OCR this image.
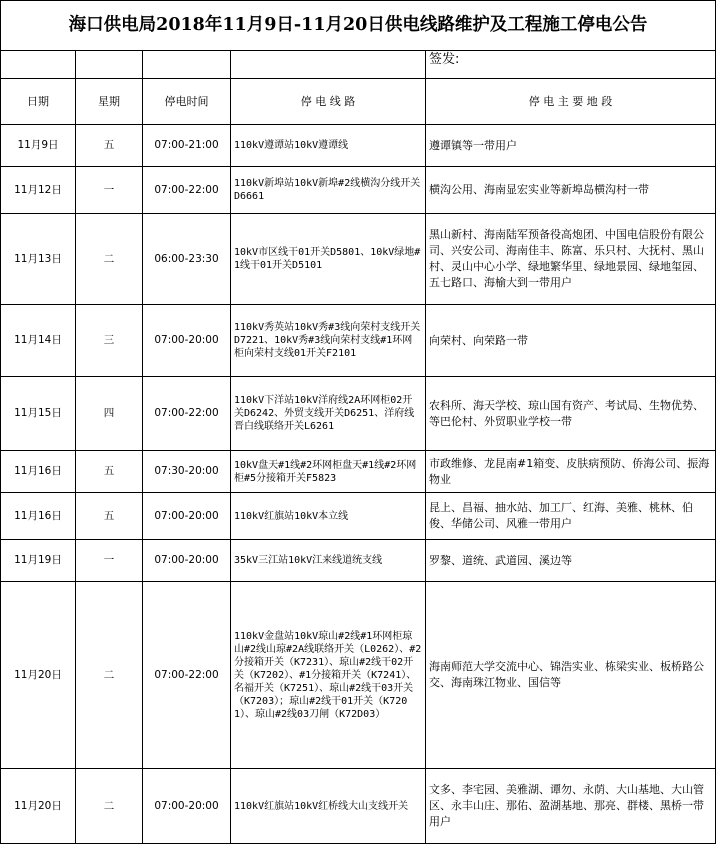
海口供电局2018年11月9日-11月20日供电线路维护及工程施工停电公告				
				签发:
日期	星期	停电时间	停 电 线 路	停 电 主 要 地 段
11月9日	五	07:00-21:00	110kV遵谭站10kV遵谭线	遵谭镇等一带用户
11月12日	一	07:00-22:00	110kV新埠站10kV新埠#2线横沟分线开关D6661	横沟公用、海南显宏实业等新埠岛横沟村一带
11月13日	二	06:00-23:30	10kV市区线干01开关D5801、10kV绿地#1线干01开关D5101	黑山新村、海南陆军预备役高炮团、中国电信股份有限公司、兴安公司、海南佳丰、陈富、乐只村、大抚村、黑山村、灵山中心小学、绿地繁华里、绿地景园、绿地玺园、五七路口、海榆大到一带用户
11月14日	三	07:00-20:00	110kV秀英站10kV秀#3线向荣村支线开关D7221、10kV秀#3线向荣村支线#1环网柜向荣村支线01开关F2101	向荣村、向荣路一带
11月15日	四	07:00-22:00	110kV下洋站10kV洋府线2A环网柜02开关D6242、外贸支线开关D6251、洋府线晋白线联络开关L6261	农科所、海天学校、琼山国有资产、考试局、生物优势、等巴伦村、外贸职业学校一带
11月16日	五	07:30-20:00	10kV盘天#1线#2环网柜盘天#1线#2环网柜#5分接箱开关F5823	市政维修、龙昆南#1箱变、皮肤病预防、侨海公司、振海物业
11月16日	五	07:00-20:00	110kV红旗站10kV本立线	昆上、昌福、抽水站、加工厂、红海、美雅、桃林、伯俊、华储公司、风雅一带用户
11月19日	一	07:00-20:00	35kV三江站10kV江来线道统支线	罗黎、道统、武道园、溪边等
11月20日	二	07:00-22:00	110kV金盘站10kV琼山#2线#1环网柜琼山#2线山琼#2A线联络开关（L0262）、#2分接箱开关（K7231）、琼山#2线干02开关（K7202）、#1分接箱开关（K7241）、名福开关（K7251）、琼山#2线干03开关（K7203）；琼山#2线干01开关（K7201）、琼山#2线03刀闸（K72D03）	海南师范大学交流中心、锦浩实业、栋梁实业、板桥路公交、海南珠江物业、国信等
11月20日	二	07:00-20:00	110kV红旗站10kV红桥线大山支线开关	文多、李宅园、美雅湖、谭勿、永荫、大山基地、大山管区、永丰山庄、那佑、盈湖基地、那亮、群楼、黑桥一带用户
